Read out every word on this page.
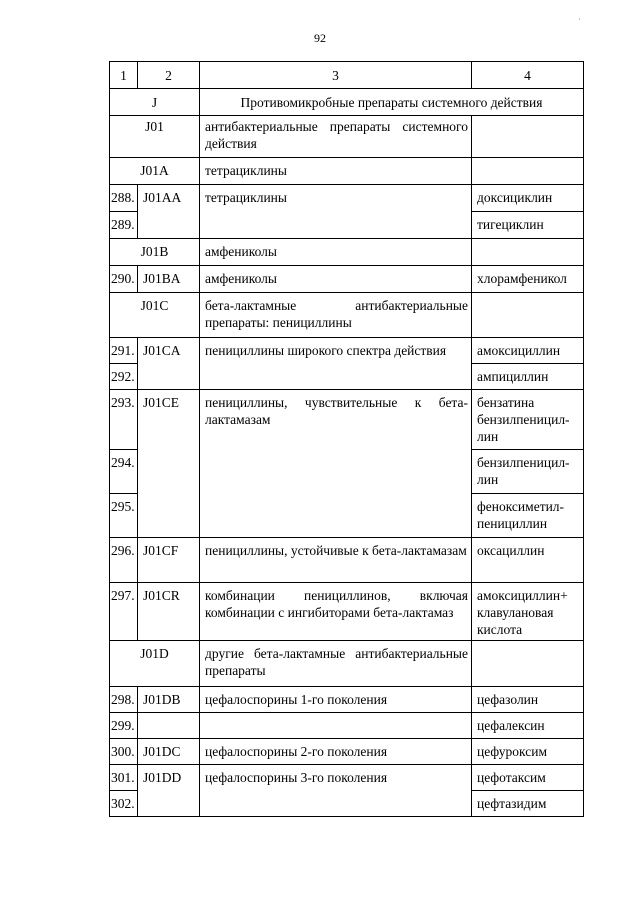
92
·
1	2	3	4
J		Противомикробные препараты системного действия	
J01		антибактериальные препараты системного действия	
J01A		тетрациклины	
288.	J01AA	тетрациклины	доксициклин
289.			тигециклин
J01B		амфениколы	
290.	J01BA	амфениколы	хлорамфеникол
J01C		бета-лактамные антибактериальные препараты: пенициллины	
291.	J01CA	пенициллины широкого спектра действия	амоксициллин
292.			ампициллин
293.	J01CE	пенициллины, чувствительные к бета-лактамазам	бензатина бензилпеницил-лин
294.			бензилпеницил-лин
295.			феноксиметил-пенициллин
296.	J01CF	пенициллины, устойчивые к бета-лактамазам	оксациллин
297.	J01CR	комбинации пенициллинов, включая комбинации с ингибиторами бета-лактамаз	амоксициллин+ клавулановая кислота
J01D		другие бета-лактамные антибактериальные препараты	
298.	J01DB	цефалоспорины 1-го поколения	цефазолин
299.			цефалексин
300.	J01DC	цефалоспорины 2-го поколения	цефуроксим
301.	J01DD	цефалоспорины 3-го поколения	цефотаксим
302.			цефтазидим
